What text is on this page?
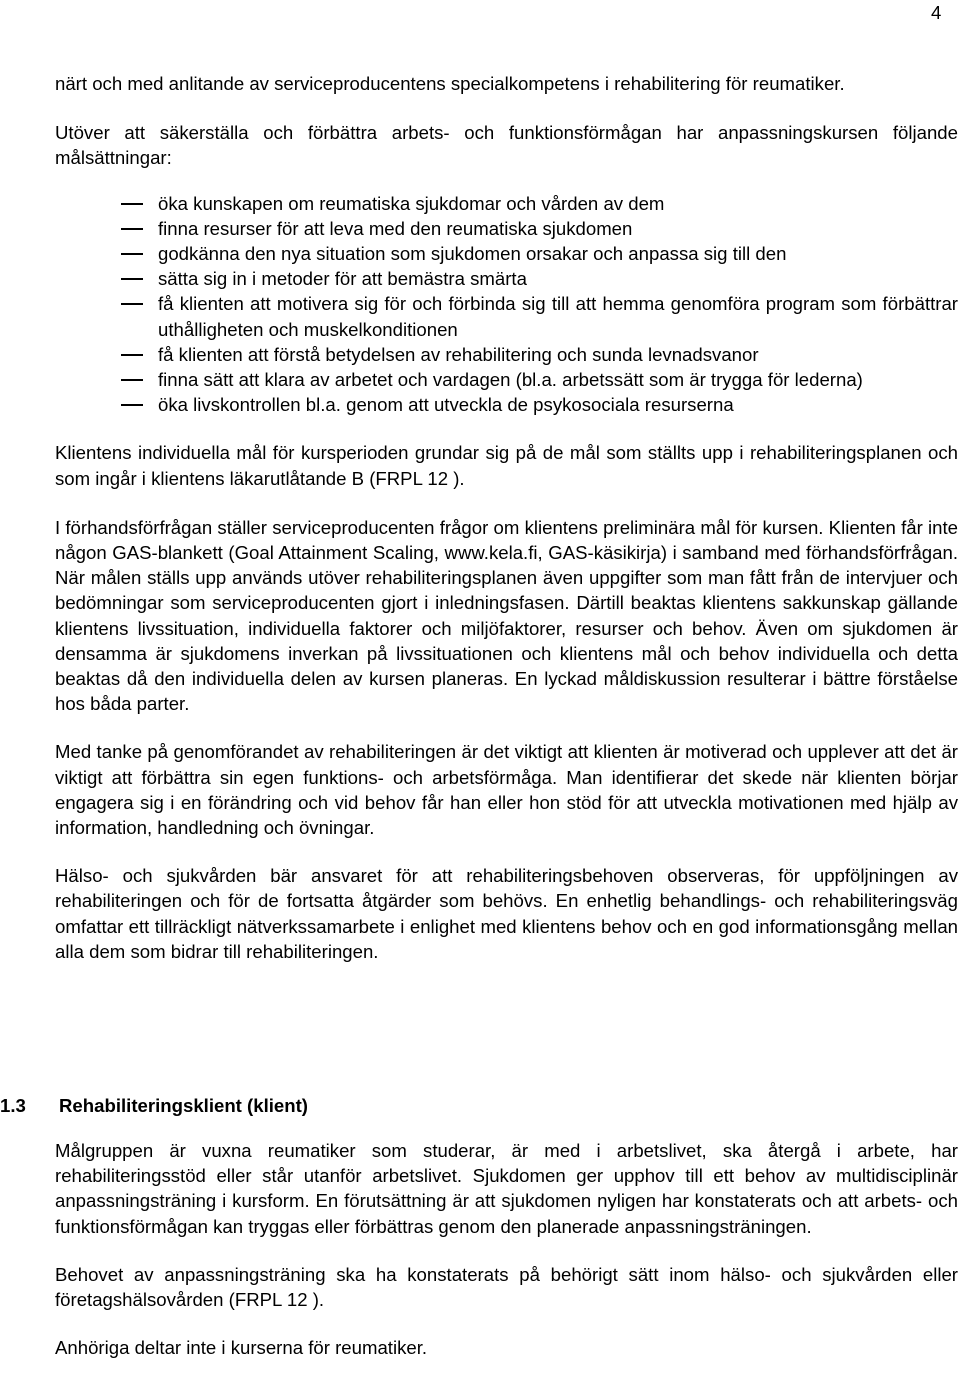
4

närt och med anlitande av serviceproducentens specialkompetens i rehabilitering för reumatiker.

Utöver att säkerställa och förbättra arbets- och funktionsförmågan har anpassningskursen följande målsättningar:

öka kunskapen om reumatiska sjukdomar och vården av dem
finna resurser för att leva med den reumatiska sjukdomen
godkänna den nya situation som sjukdomen orsakar och anpassa sig till den
sätta sig in i metoder för att bemästra smärta
få klienten att motivera sig för och förbinda sig till att hemma genomföra program som förbättrar uthålligheten och muskelkonditionen
få klienten att förstå betydelsen av rehabilitering och sunda levnadsvanor
finna sätt att klara av arbetet och vardagen (bl.a. arbetssätt som är trygga för lederna)
öka livskontrollen bl.a. genom att utveckla de psykosociala resurserna

Klientens individuella mål för kursperioden grundar sig på de mål som ställts upp i rehabiliteringsplanen och som ingår i klientens läkarutlåtande B (FRPL 12 ).

I förhandsförfrågan ställer serviceproducenten frågor om klientens preliminära mål för kursen. Klienten får inte någon GAS-blankett (Goal Attainment Scaling, www.kela.fi, GAS-käsikirja) i samband med förhandsförfrågan. När målen ställs upp används utöver rehabiliteringsplanen även uppgifter som man fått från de intervjuer och bedömningar som serviceproducenten gjort i inledningsfasen. Därtill beaktas klientens sakkunskap gällande klientens livssituation, individuella faktorer och miljöfaktorer, resurser och behov. Även om sjukdomen är densamma är sjukdomens inverkan på livssituationen och klientens mål och behov individuella och detta beaktas då den individuella delen av kursen planeras. En lyckad måldiskussion resulterar i bättre förståelse hos båda parter.

Med tanke på genomförandet av rehabiliteringen är det viktigt att klienten är motiverad och upplever att det är viktigt att förbättra sin egen funktions- och arbetsförmåga. Man identifierar det skede när klienten börjar engagera sig i en förändring och vid behov får han eller hon stöd för att utveckla motivationen med hjälp av information, handledning och övningar.

Hälso- och sjukvården bär ansvaret för att rehabiliteringsbehoven observeras, för uppföljningen av rehabiliteringen och för de fortsatta åtgärder som behövs. En enhetlig behandlings- och rehabiliteringsväg omfattar ett tillräckligt nätverkssamarbete i enlighet med klientens behov och en god informationsgång mellan alla dem som bidrar till rehabiliteringen.

1.3 Rehabiliteringsklient (klient)

Målgruppen är vuxna reumatiker som studerar, är med i arbetslivet, ska återgå i arbete, har rehabiliteringsstöd eller står utanför arbetslivet. Sjukdomen ger upphov till ett behov av multidisciplinär anpassningsträning i kursform. En förutsättning är att sjukdomen nyligen har konstaterats och att arbets- och funktionsförmågan kan tryggas eller förbättras genom den planerade anpassningsträningen.

Behovet av anpassningsträning ska ha konstaterats på behörigt sätt inom hälso- och sjukvården eller företagshälsovården (FRPL 12 ).

Anhöriga deltar inte i kurserna för reumatiker.
